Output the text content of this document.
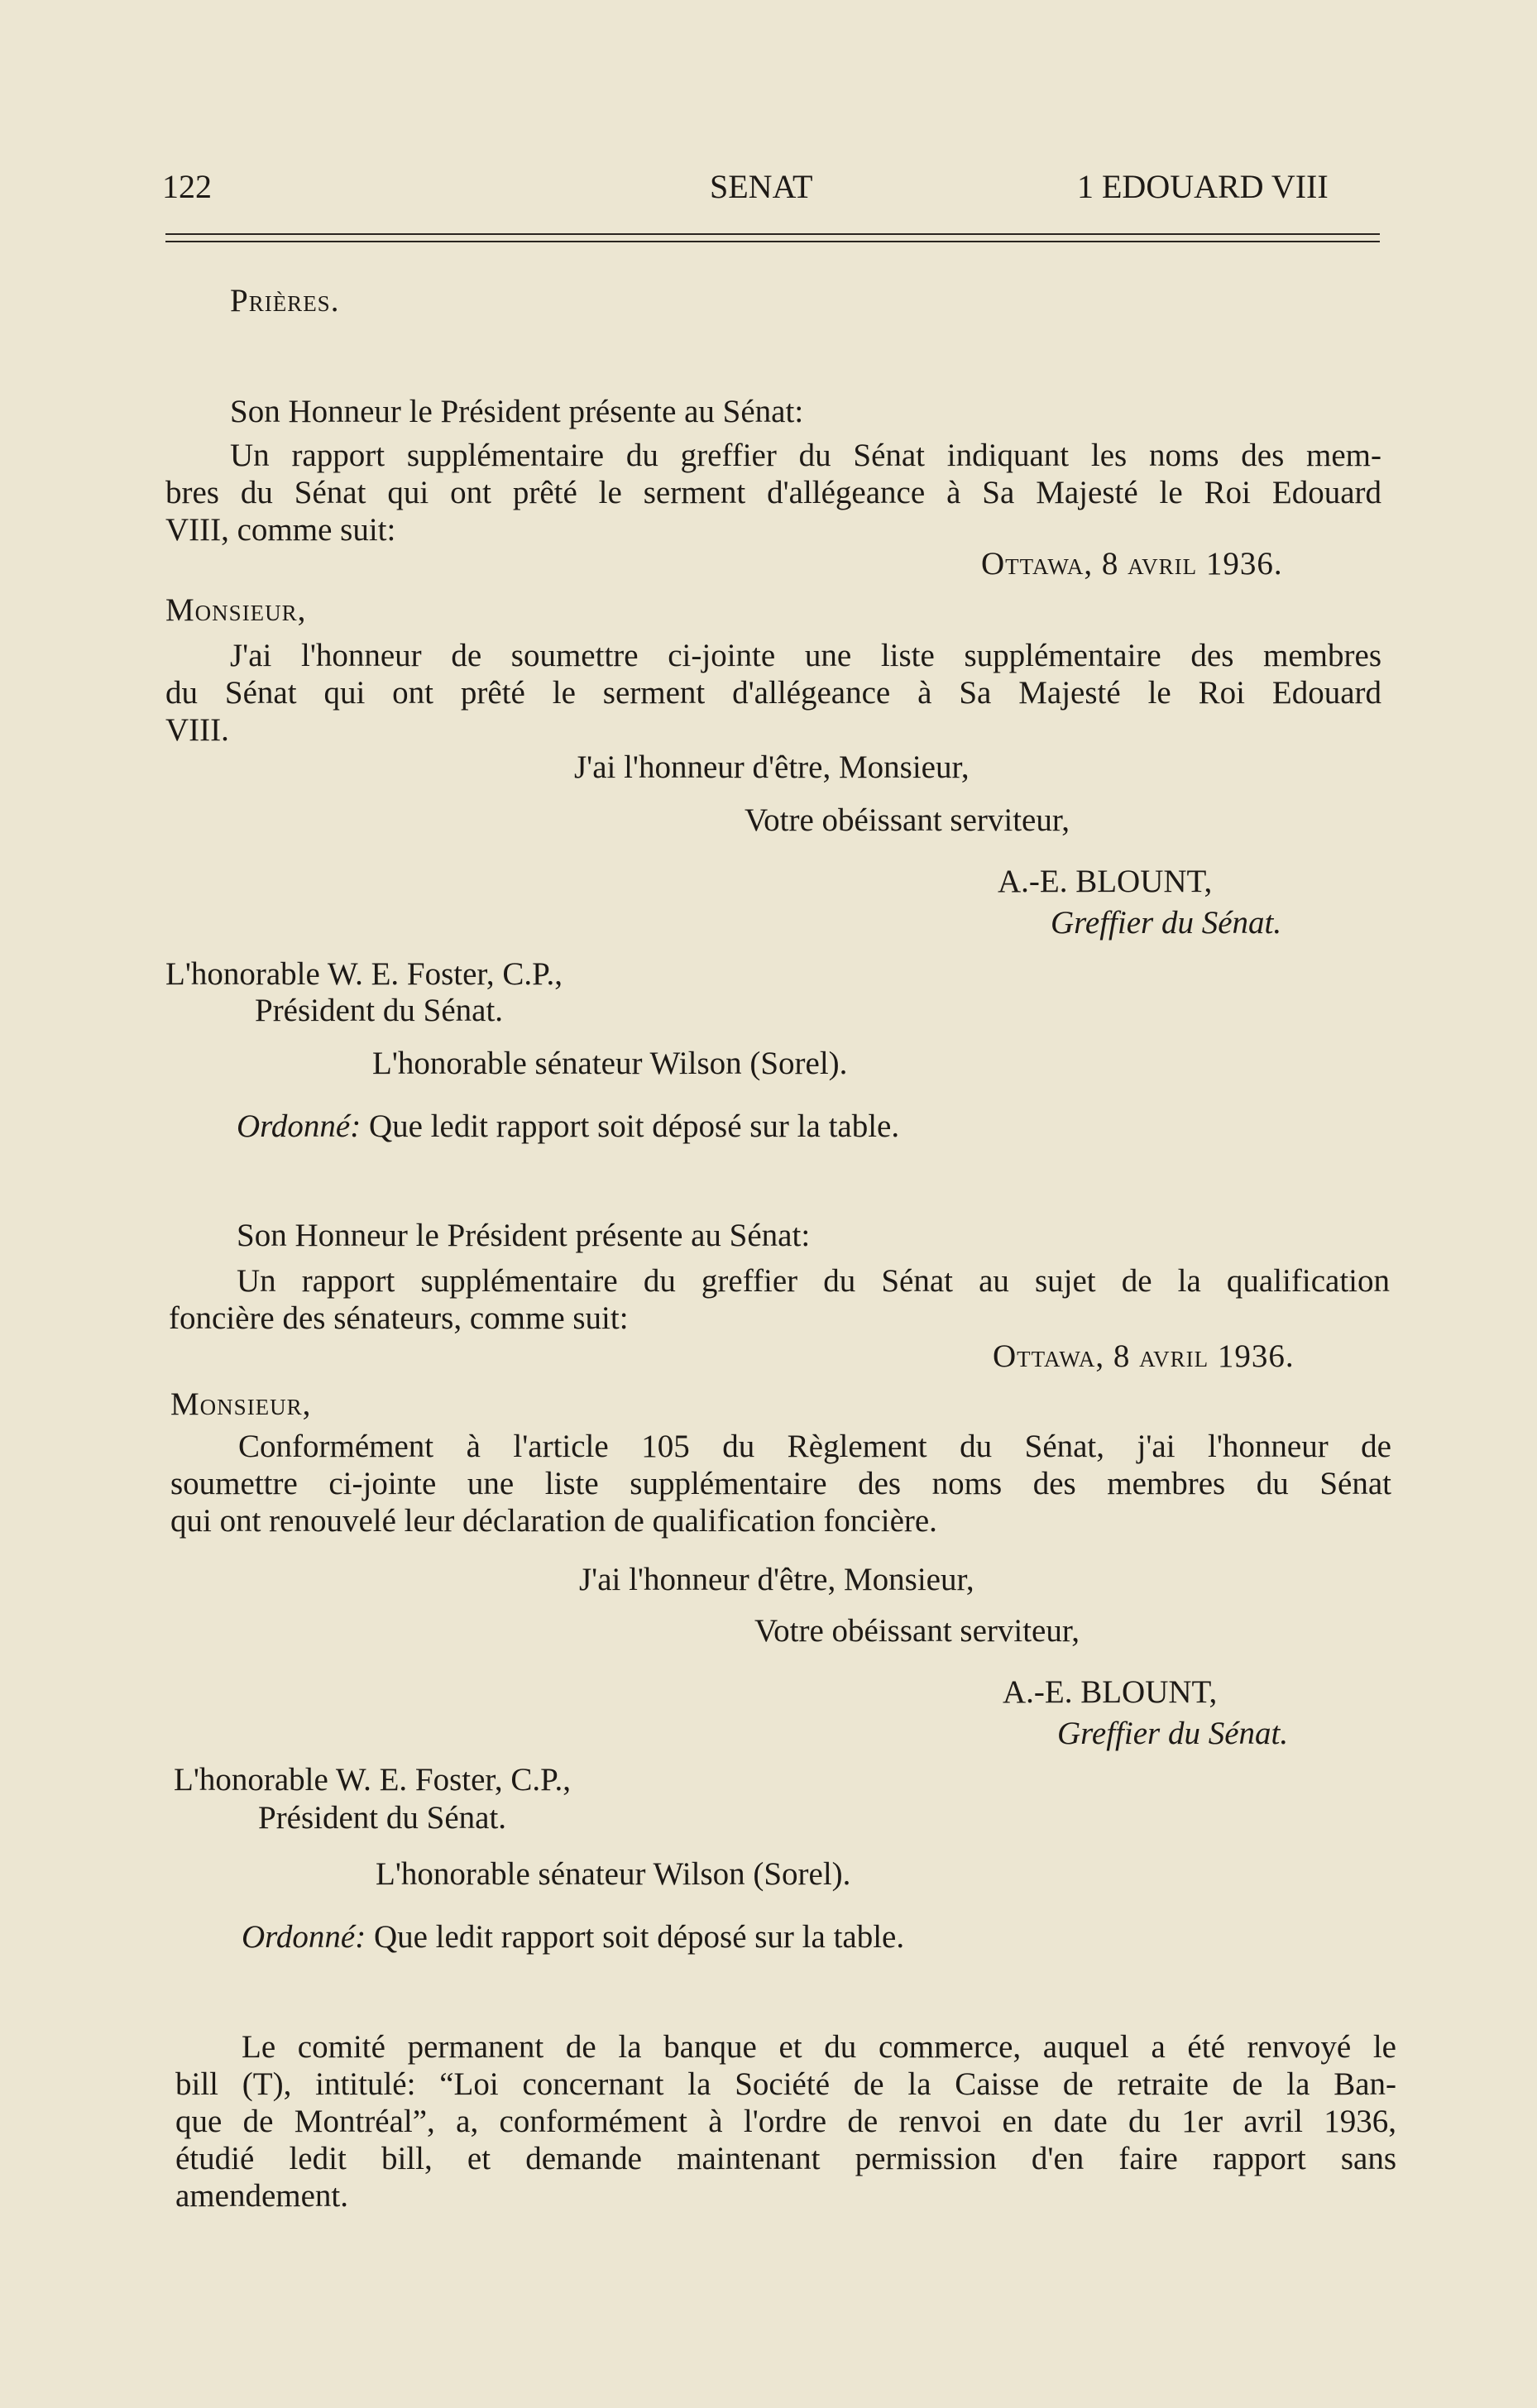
122	SENAT	1 EDOUARD VIII
Prières.
Son Honneur le Président présente au Sénat:
Un rapport supplémentaire du greffier du Sénat indiquant les noms des mem-
bres du Sénat qui ont prêté le serment d'allégeance à Sa Majesté le Roi Edouard
VIII, comme suit:
Ottawa, 8 avril 1936.
Monsieur,
J'ai l'honneur de soumettre ci-jointe une liste supplémentaire des membres
du Sénat qui ont prêté le serment d'allégeance à Sa Majesté le Roi Edouard
VIII.
J'ai l'honneur d'être, Monsieur,
Votre obéissant serviteur,
A.-E. BLOUNT,
Greffier du Sénat.
L'honorable W. E. Foster, C.P.,
Président du Sénat.
L'honorable sénateur Wilson (Sorel).
Ordonné: Que ledit rapport soit déposé sur la table.
Son Honneur le Président présente au Sénat:
Un rapport supplémentaire du greffier du Sénat au sujet de la qualification
foncière des sénateurs, comme suit:
Ottawa, 8 avril 1936.
Monsieur,
Conformément à l'article 105 du Règlement du Sénat, j'ai l'honneur de
soumettre ci-jointe une liste supplémentaire des noms des membres du Sénat
qui ont renouvelé leur déclaration de qualification foncière.
J'ai l'honneur d'être, Monsieur,
Votre obéissant serviteur,
A.-E. BLOUNT,
Greffier du Sénat.
L'honorable W. E. Foster, C.P.,
Président du Sénat.
L'honorable sénateur Wilson (Sorel).
Ordonné: Que ledit rapport soit déposé sur la table.
Le comité permanent de la banque et du commerce, auquel a été renvoyé le
bill (T), intitulé: “Loi concernant la Société de la Caisse de retraite de la Ban-
que de Montréal”, a, conformément à l'ordre de renvoi en date du 1er avril 1936,
étudié ledit bill, et demande maintenant permission d'en faire rapport sans
amendement.
